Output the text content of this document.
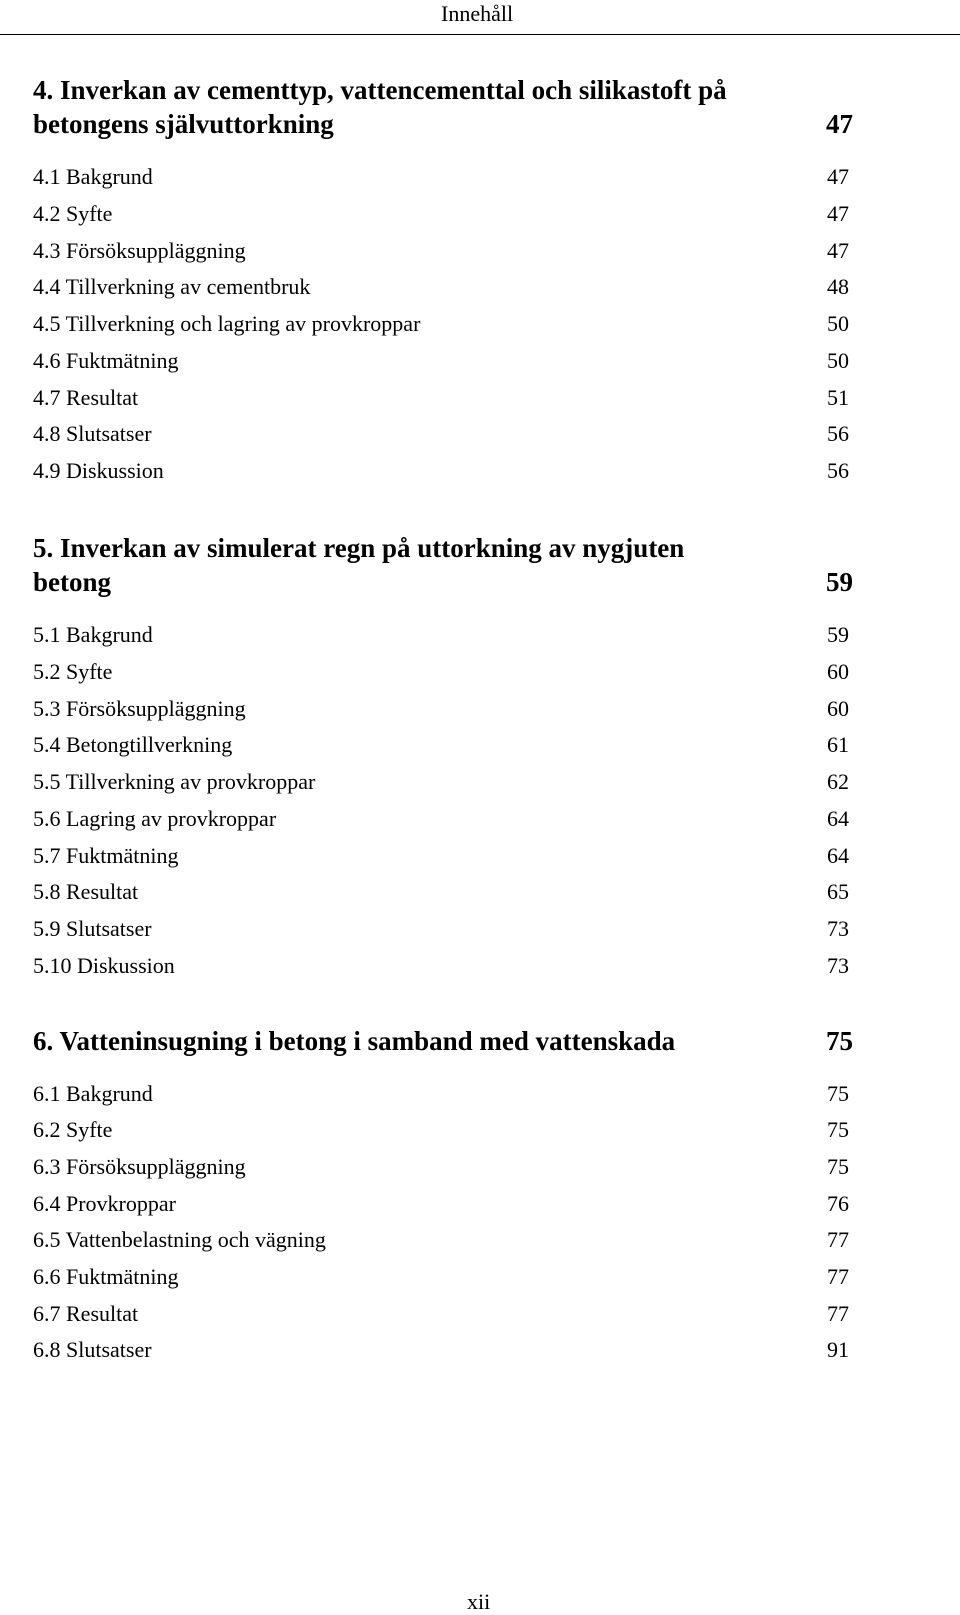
Innehåll
4. Inverkan av cementtyp, vattencementtal och silikastoft på betongens självuttorkning	47
4.1 Bakgrund	47
4.2 Syfte	47
4.3 Försöksuppläggning	47
4.4 Tillverkning av cementbruk	48
4.5 Tillverkning och lagring av provkroppar	50
4.6 Fuktmätning	50
4.7 Resultat	51
4.8 Slutsatser	56
4.9 Diskussion	56
5. Inverkan av simulerat regn på uttorkning av nygjuten betong	59
5.1 Bakgrund	59
5.2 Syfte	60
5.3 Försöksuppläggning	60
5.4 Betongtillverkning	61
5.5 Tillverkning av provkroppar	62
5.6 Lagring av provkroppar	64
5.7 Fuktmätning	64
5.8 Resultat	65
5.9 Slutsatser	73
5.10 Diskussion	73
6. Vatteninsugning i betong i samband med vattenskada	75
6.1 Bakgrund	75
6.2 Syfte	75
6.3 Försöksuppläggning	75
6.4 Provkroppar	76
6.5 Vattenbelastning och vägning	77
6.6 Fuktmätning	77
6.7 Resultat	77
6.8 Slutsatser	91
xii
